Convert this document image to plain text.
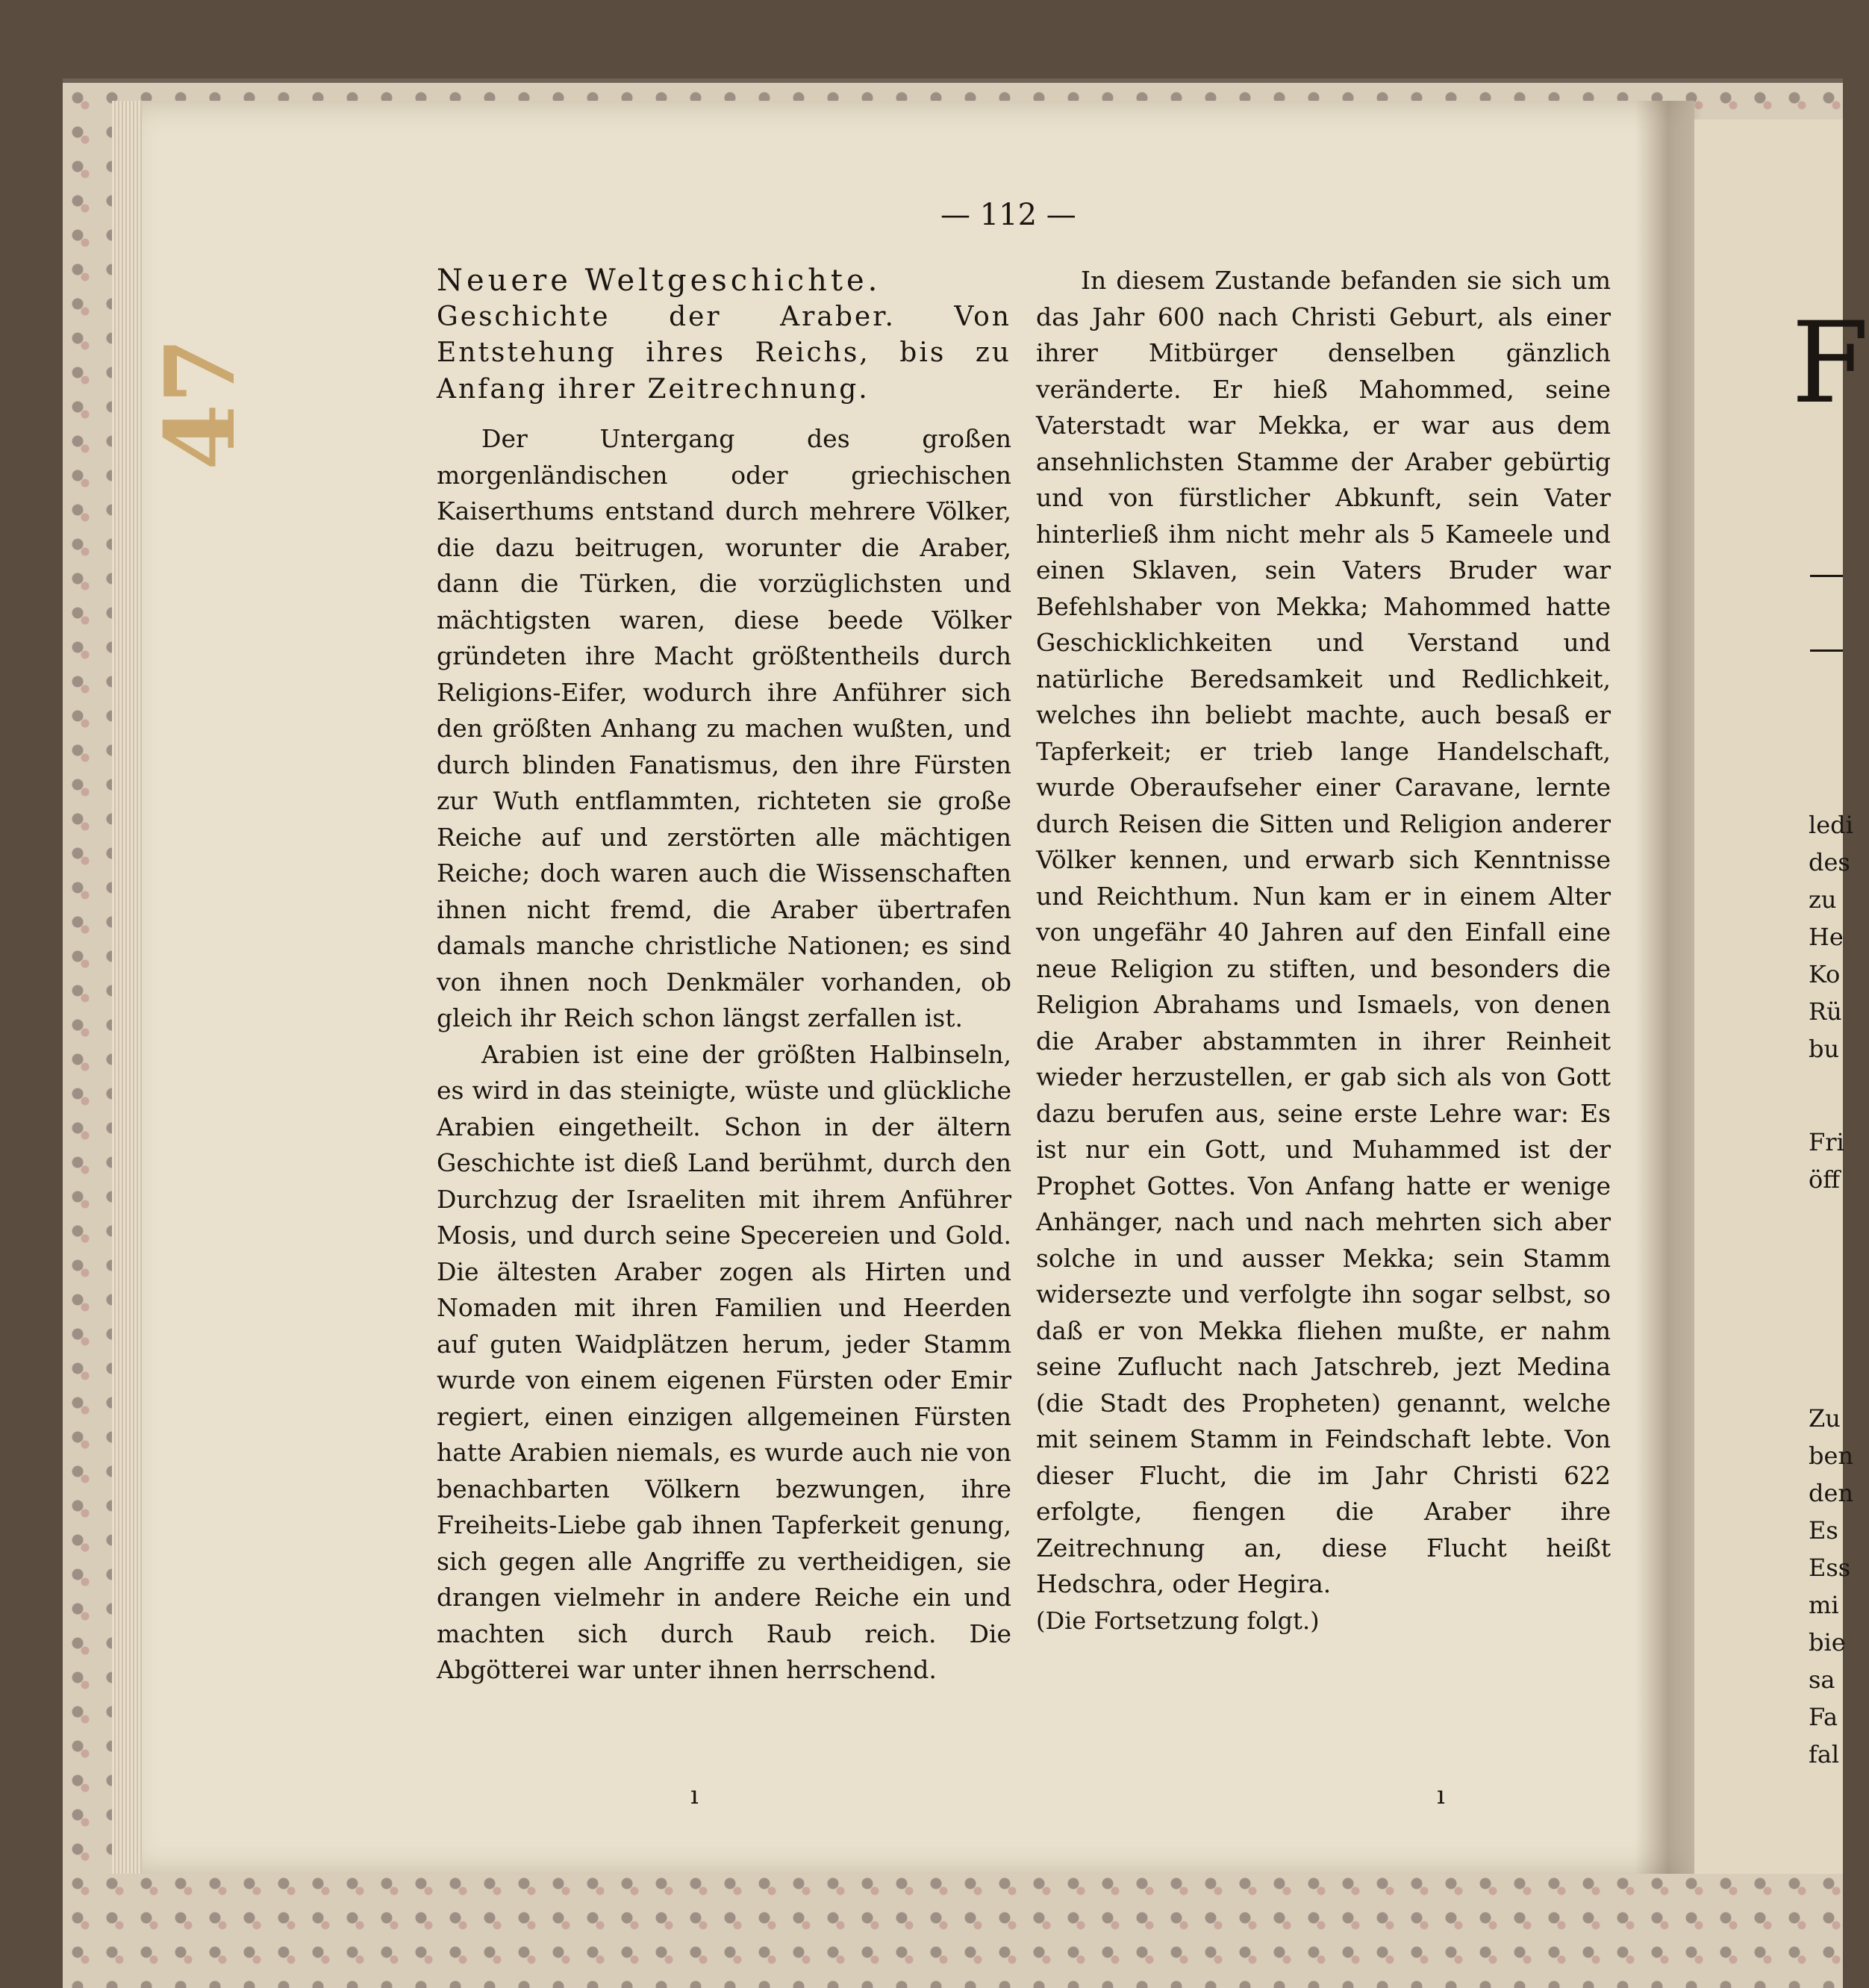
47
— 112 —

Neuere Weltgeschichte.

Geschichte der Araber. Von Entstehung ihres Reichs, bis zu Anfang ihrer Zeitrechnung.

Der Untergang des großen morgenländischen oder griechischen Kaiserthums entstand durch mehrere Völker, die dazu beitrugen, worunter die Araber, dann die Türken, die vorzüglichsten und mächtigsten waren, diese beede Völker gründeten ihre Macht größtentheils durch Religions-Eifer, wodurch ihre Anführer sich den größten Anhang zu machen wußten, und durch blinden Fanatismus, den ihre Fürsten zur Wuth entflammten, richteten sie große Reiche auf und zerstörten alle mächtigen Reiche; doch waren auch die Wissenschaften ihnen nicht fremd, die Araber übertrafen damals manche christliche Nationen; es sind von ihnen noch Denkmäler vorhanden, ob gleich ihr Reich schon längst zerfallen ist.

Arabien ist eine der größten Halbinseln, es wird in das steinigte, wüste und glückliche Arabien eingetheilt. Schon in der ältern Geschichte ist dieß Land berühmt, durch den Durchzug der Israeliten mit ihrem Anführer Mosis, und durch seine Specereien und Gold. Die ältesten Araber zogen als Hirten und Nomaden mit ihren Familien und Heerden auf guten Waidplätzen herum, jeder Stamm wurde von einem eigenen Fürsten oder Emir regiert, einen einzigen allgemeinen Fürsten hatte Arabien niemals, es wurde auch nie von benachbarten Völkern bezwungen, ihre Freiheits-Liebe gab ihnen Tapferkeit genung, sich gegen alle Angriffe zu vertheidigen, sie drangen vielmehr in andere Reiche ein und machten sich durch Raub reich. Die Abgötterei war unter ihnen herrschend.

In diesem Zustande befanden sie sich um das Jahr 600 nach Christi Geburt, als einer ihrer Mitbürger denselben gänzlich veränderte. Er hieß Mahommed, seine Vaterstadt war Mekka, er war aus dem ansehnlichsten Stamme der Araber gebürtig und von fürstlicher Abkunft, sein Vater hinterließ ihm nicht mehr als 5 Kameele und einen Sklaven, sein Vaters Bruder war Befehlshaber von Mekka; Mahommed hatte Geschicklichkeiten und Verstand und natürliche Beredsamkeit und Redlichkeit, welches ihn beliebt machte, auch besaß er Tapferkeit; er trieb lange Handelschaft, wurde Oberaufseher einer Caravane, lernte durch Reisen die Sitten und Religion anderer Völker kennen, und erwarb sich Kenntnisse und Reichthum. Nun kam er in einem Alter von ungefähr 40 Jahren auf den Einfall eine neue Religion zu stiften, und besonders die Religion Abrahams und Ismaels, von denen die Araber abstammten in ihrer Reinheit wieder herzustellen, er gab sich als von Gott dazu berufen aus, seine erste Lehre war: Es ist nur ein Gott, und Muhammed ist der Prophet Gottes. Von Anfang hatte er wenige Anhänger, nach und nach mehrten sich aber solche in und ausser Mekka; sein Stamm widersezte und verfolgte ihn sogar selbst, so daß er von Mekka fliehen mußte, er nahm seine Zuflucht nach Jatschreb, jezt Medina (die Stadt des Propheten) genannt, welche mit seinem Stamm in Feindschaft lebte. Von dieser Flucht, die im Jahr Christi 622 erfolgte, fiengen die Araber ihre Zeitrechnung an, diese Flucht heißt Hedschra, oder Hegira.

(Die Fortsetzung folgt.)

ı	ı
F
ledi
des
zu
He
Ko
Rü
bu
Fri
öff
Zu
ben
den
Es
Ess
mi
bie
sa
Fa
fal
